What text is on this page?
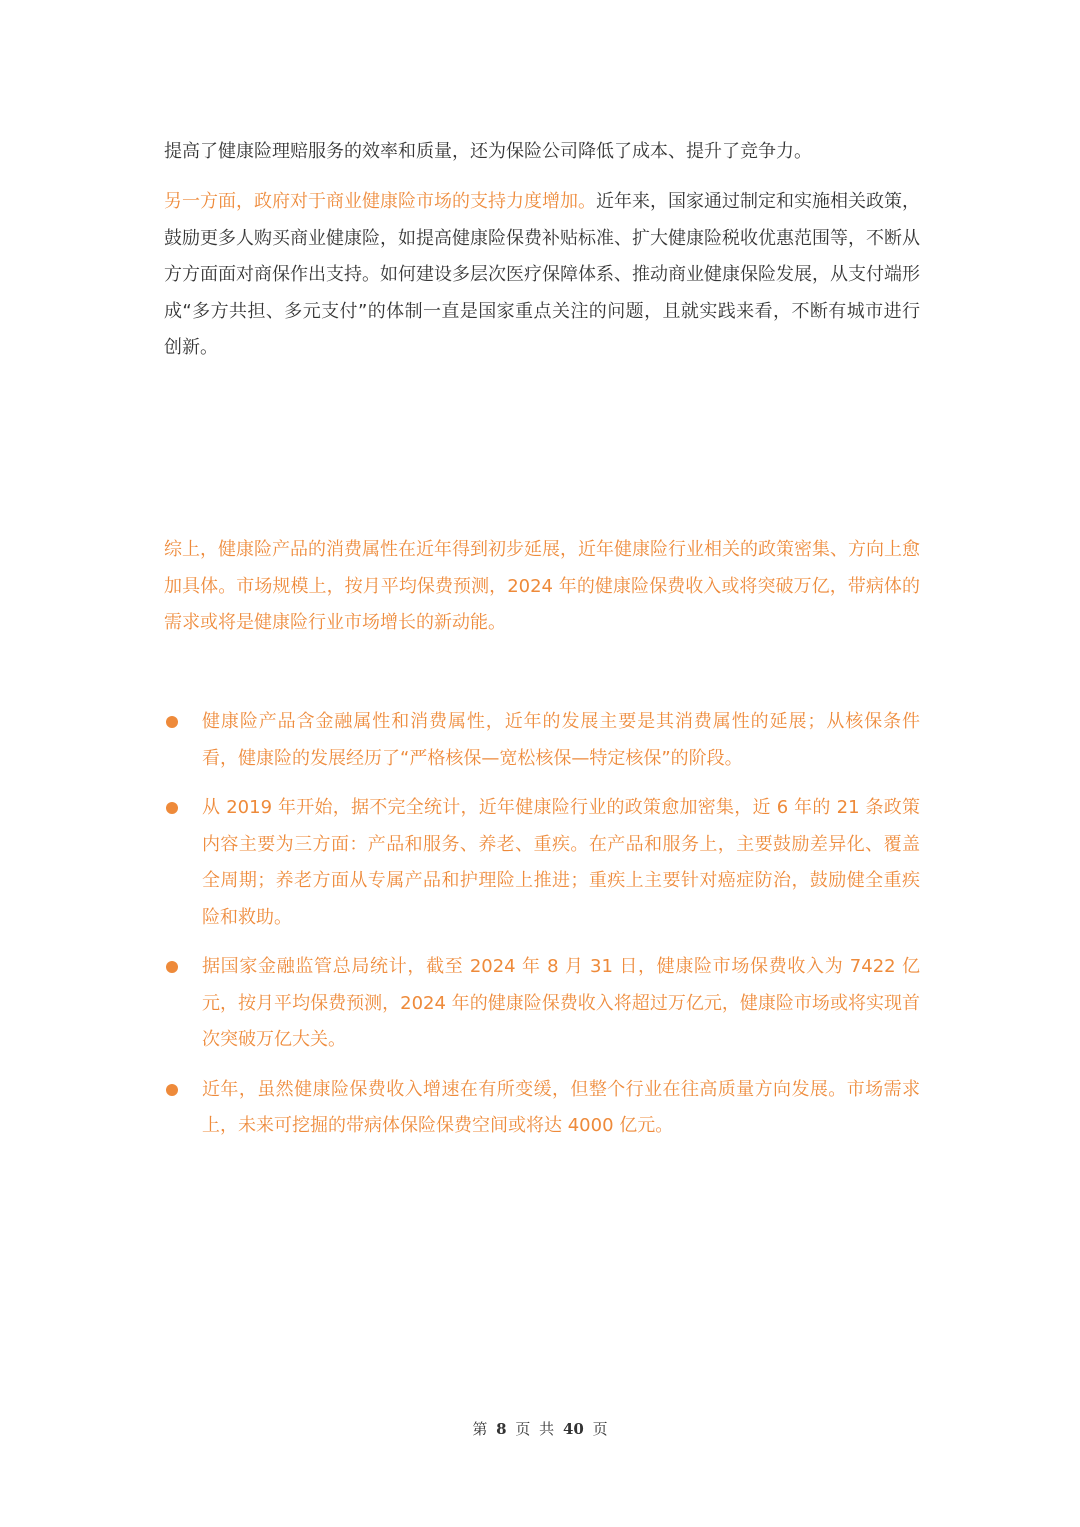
提高了健康险理赔服务的效率和质量，还为保险公司降低了成本、提升了竞争力。

另一方面，政府对于商业健康险市场的支持力度增加。近年来，国家通过制定和实施相关政策，鼓励更多人购买商业健康险，如提高健康险保费补贴标准、扩大健康险税收优惠范围等，不断从方方面面对商保作出支持。如何建设多层次医疗保障体系、推动商业健康保险发展，从支付端形成“多方共担、多元支付”的体制一直是国家重点关注的问题，且就实践来看，不断有城市进行创新。

综上，健康险产品的消费属性在近年得到初步延展，近年健康险行业相关的政策密集、方向上愈加具体。市场规模上，按月平均保费预测，2024 年的健康险保费收入或将突破万亿，带病体的需求或将是健康险行业市场增长的新动能。

健康险产品含金融属性和消费属性，近年的发展主要是其消费属性的延展；从核保条件看，健康险的发展经历了“严格核保—宽松核保—特定核保”的阶段。
从 2019 年开始，据不完全统计，近年健康险行业的政策愈加密集，近 6 年的 21 条政策内容主要为三方面：产品和服务、养老、重疾。在产品和服务上，主要鼓励差异化、覆盖全周期；养老方面从专属产品和护理险上推进；重疾上主要针对癌症防治，鼓励健全重疾险和救助。
据国家金融监管总局统计，截至 2024 年 8 月 31 日，健康险市场保费收入为 7422 亿元，按月平均保费预测，2024 年的健康险保费收入将超过万亿元，健康险市场或将实现首次突破万亿大关。
近年，虽然健康险保费收入增速在有所变缓，但整个行业在往高质量方向发展。市场需求上，未来可挖掘的带病体保险保费空间或将达 4000 亿元。
第 8 页 共 40 页
